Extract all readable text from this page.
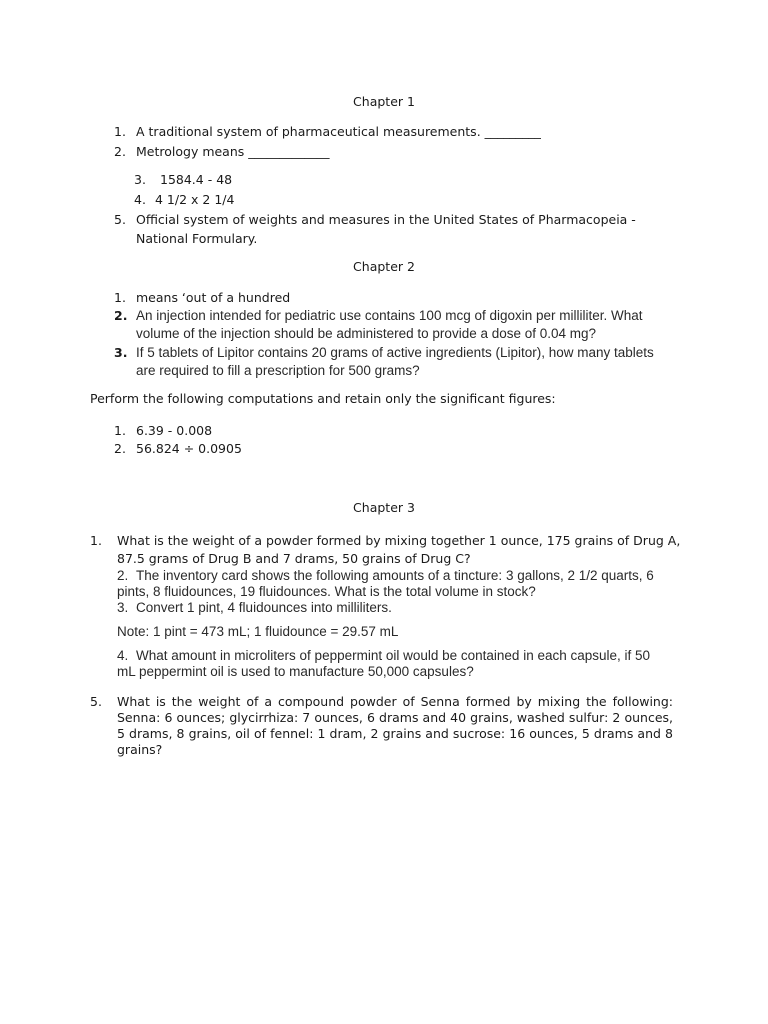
Chapter 1
1. A traditional system of pharmaceutical measurements. _________
2. Metrology means _____________
3. 1584.4 - 48
4. 4 1/2 x 2 1/4
5. Official system of weights and measures in the United States of Pharmacopeia -
National Formulary.
Chapter 2
1. means ‘out of a hundred
2. An injection intended for pediatric use contains 100 mcg of digoxin per milliliter. What
volume of the injection should be administered to provide a dose of 0.04 mg?
3. If 5 tablets of Lipitor contains 20 grams of active ingredients (Lipitor), how many tablets
are required to fill a prescription for 500 grams?
Perform the following computations and retain only the significant figures:
1. 6.39 - 0.008
2. 56.824 ÷ 0.0905
Chapter 3
1. What is the weight of a powder formed by mixing together 1 ounce, 175 grains of Drug A,
87.5 grams of Drug B and 7 drams, 50 grains of Drug C?
2. The inventory card shows the following amounts of a tincture: 3 gallons, 2 1/2 quarts, 6
pints, 8 fluidounces, 19 fluidounces. What is the total volume in stock?
3. Convert 1 pint, 4 fluidounces into milliliters.
Note: 1 pint = 473 mL; 1 fluidounce = 29.57 mL
4. What amount in microliters of peppermint oil would be contained in each capsule, if 50
mL peppermint oil is used to manufacture 50,000 capsules?
5. What is the weight of a compound powder of Senna formed by mixing the following: Senna: 6 ounces; glycirrhiza: 7 ounces, 6 drams and 40 grains, washed sulfur: 2 ounces, 5 drams, 8 grains, oil of fennel: 1 dram, 2 grains and sucrose: 16 ounces, 5 drams and 8 grains?
